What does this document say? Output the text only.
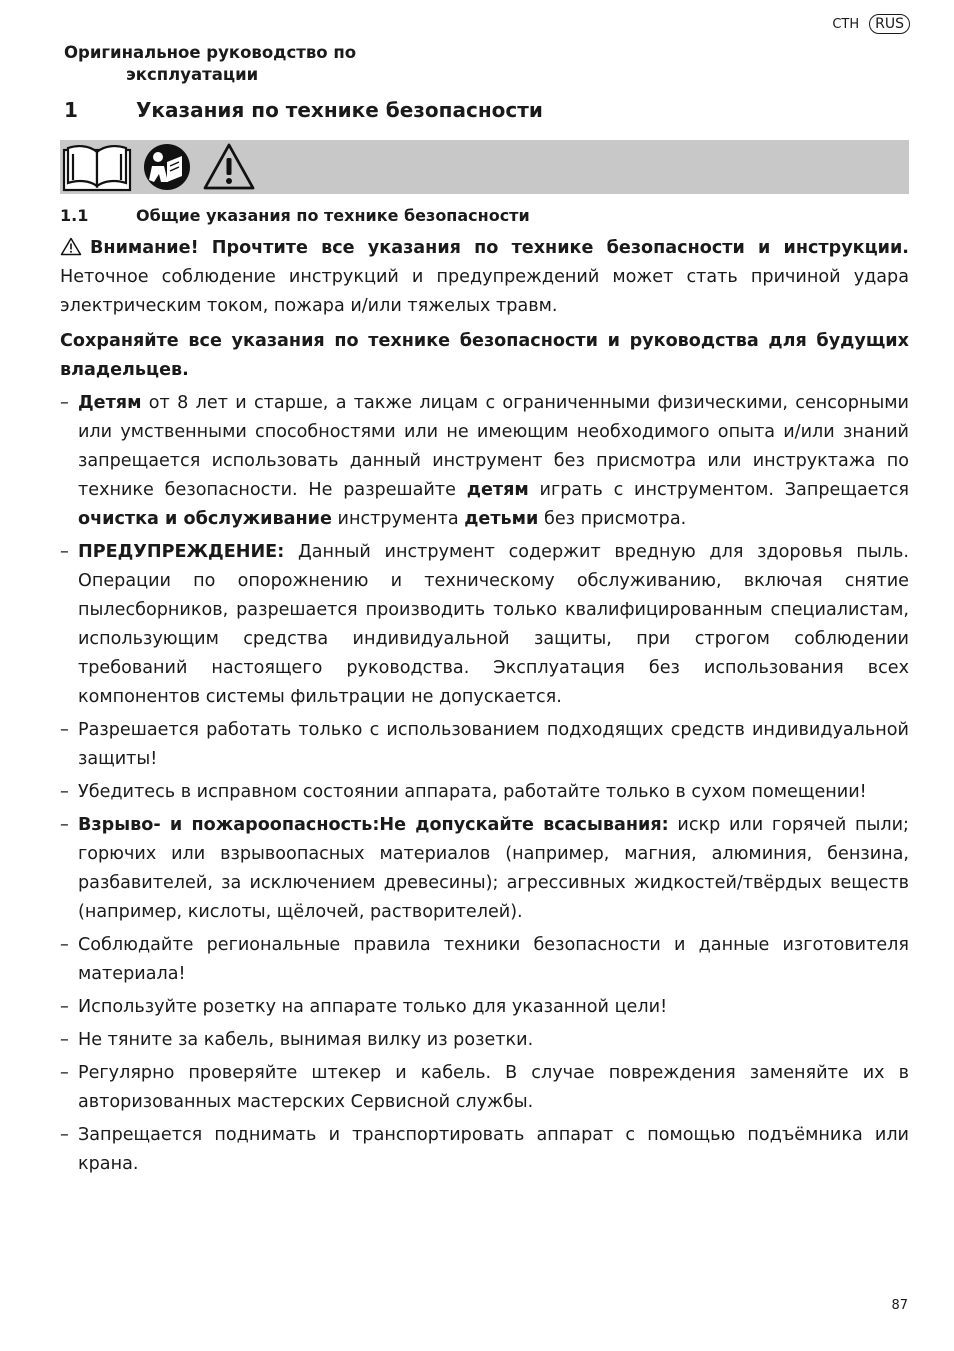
CTH	RUS
Оригинальное руководство по
эксплуатации
1	Указания по технике безопасности
1.1	Общие указания по технике безопасности
Внимание! Прочтите все указания по технике безопасности и инструкции.
Неточное соблюдение инструкций и предупреждений может стать причиной удара электрическим током, пожара и/или тяжелых травм.
Сохраняйте все указания по технике безопасности и руководства для будущих владельцев.
– Детям от 8 лет и старше, а также лицам с ограниченными физическими, сенсорными или умственными способностями или не имеющим необходимого опыта и/или знаний запрещается использовать данный инструмент без присмотра или инструктажа по технике безопасности. Не разрешайте детям играть с инструментом. Запрещается очистка и обслуживание инструмента детьми без присмотра.
– ПРЕДУПРЕЖДЕНИЕ: Данный инструмент содержит вредную для здоровья пыль. Операции по опорожнению и техническому обслуживанию, включая снятие пылесборников, разрешается производить только квалифицированным специалистам, использующим средства индивидуальной защиты, при строгом соблюдении требований настоящего руководства. Эксплуатация без использования всех компонентов системы фильтрации не допускается.
– Разрешается работать только с использованием подходящих средств индивидуальной защиты!
– Убедитесь в исправном состоянии аппарата, работайте только в сухом помещении!
– Взрыво- и пожароопасность:Не допускайте всасывания: искр или горячей пыли; горючих или взрывоопасных материалов (например, магния, алюминия, бензина, разбавителей, за исключением древесины); агрессивных жидкостей/твёрдых веществ (например, кислоты, щёлочей, растворителей).
– Соблюдайте региональные правила техники безопасности и данные изготовителя материала!
– Используйте розетку на аппарате только для указанной цели!
– Не тяните за кабель, вынимая вилку из розетки.
– Регулярно проверяйте штекер и кабель. В случае повреждения заменяйте их в авторизованных мастерских Сервисной службы.
– Запрещается поднимать и транспортировать аппарат с помощью подъёмника или крана.
87
